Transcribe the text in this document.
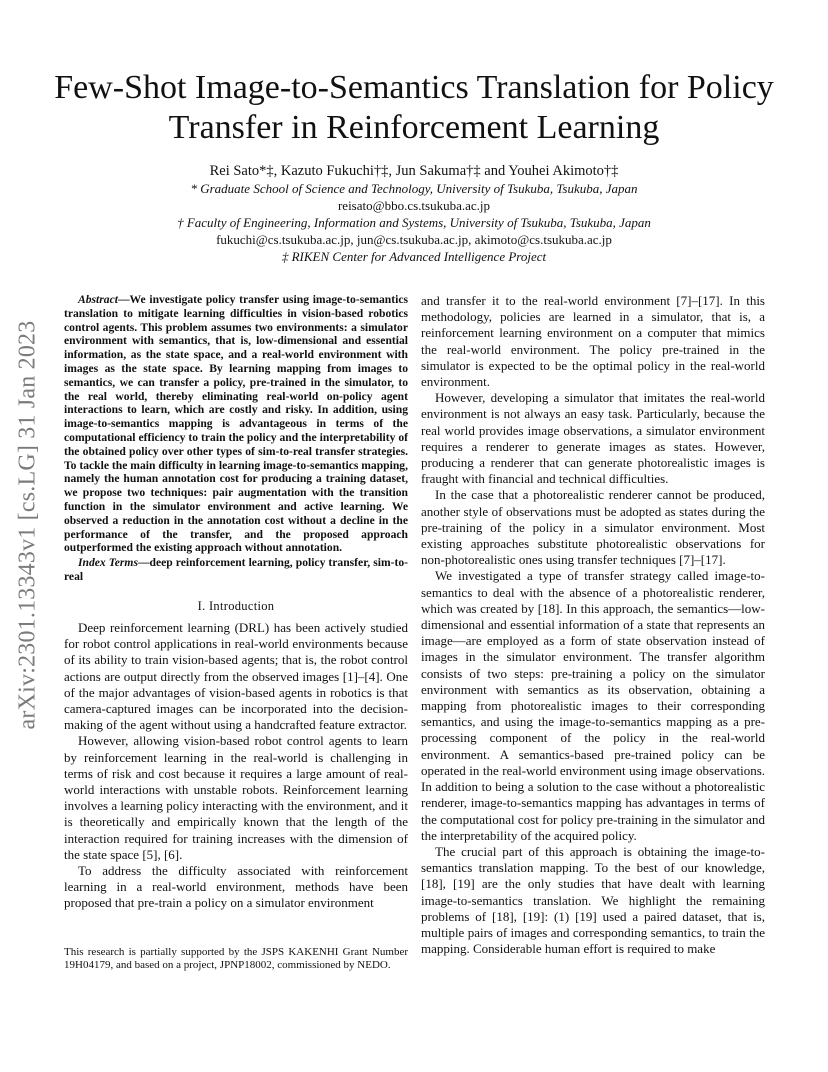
arXiv:2301.13343v1 [cs.LG] 31 Jan 2023
Few-Shot Image-to-Semantics Translation for Policy
Transfer in Reinforcement Learning
Rei Sato*‡, Kazuto Fukuchi†‡, Jun Sakuma†‡ and Youhei Akimoto†‡
* Graduate School of Science and Technology, University of Tsukuba, Tsukuba, Japan
reisato@bbo.cs.tsukuba.ac.jp
† Faculty of Engineering, Information and Systems, University of Tsukuba, Tsukuba, Japan
fukuchi@cs.tsukuba.ac.jp, jun@cs.tsukuba.ac.jp, akimoto@cs.tsukuba.ac.jp
‡ RIKEN Center for Advanced Intelligence Project

Abstract—We investigate policy transfer using image-to-semantics translation to mitigate learning difficulties in vision-based robotics control agents. This problem assumes two environments: a simulator environment with semantics, that is, low-dimensional and essential information, as the state space, and a real-world environment with images as the state space. By learning mapping from images to semantics, we can transfer a policy, pre-trained in the simulator, to the real world, thereby eliminating real-world on-policy agent interactions to learn, which are costly and risky. In addition, using image-to-semantics mapping is advantageous in terms of the computational efficiency to train the policy and the interpretability of the obtained policy over other types of sim-to-real transfer strategies. To tackle the main difficulty in learning image-to-semantics mapping, namely the human annotation cost for producing a training dataset, we propose two techniques: pair augmentation with the transition function in the simulator environment and active learning. We observed a reduction in the annotation cost without a decline in the performance of the transfer, and the proposed approach outperformed the existing approach without annotation.

Index Terms—deep reinforcement learning, policy transfer, sim-to-real

I. Introduction

Deep reinforcement learning (DRL) has been actively studied for robot control applications in real-world environments because of its ability to train vision-based agents; that is, the robot control actions are output directly from the observed images [1]–[4]. One of the major advantages of vision-based agents in robotics is that camera-captured images can be incorporated into the decision-making of the agent without using a handcrafted feature extractor.

However, allowing vision-based robot control agents to learn by reinforcement learning in the real-world is challenging in terms of risk and cost because it requires a large amount of real-world interactions with unstable robots. Reinforcement learning involves a learning policy interacting with the environment, and it is theoretically and empirically known that the length of the interaction required for training increases with the dimension of the state space [5], [6].

To address the difficulty associated with reinforcement learning in a real-world environment, methods have been proposed that pre-train a policy on a simulator environment

This research is partially supported by the JSPS KAKENHI Grant Number 19H04179, and based on a project, JPNP18002, commissioned by NEDO.

and transfer it to the real-world environment [7]–[17]. In this methodology, policies are learned in a simulator, that is, a reinforcement learning environment on a computer that mimics the real-world environment. The policy pre-trained in the simulator is expected to be the optimal policy in the real-world environment.

However, developing a simulator that imitates the real-world environment is not always an easy task. Particularly, because the real world provides image observations, a simulator environment requires a renderer to generate images as states. However, producing a renderer that can generate photorealistic images is fraught with financial and technical difficulties.

In the case that a photorealistic renderer cannot be produced, another style of observations must be adopted as states during the pre-training of the policy in a simulator environment. Most existing approaches substitute photorealistic observations for non-photorealistic ones using transfer techniques [7]–[17].

We investigated a type of transfer strategy called image-to-semantics to deal with the absence of a photorealistic renderer, which was created by [18]. In this approach, the semantics—low-dimensional and essential information of a state that represents an image—are employed as a form of state observation instead of images in the simulator environment. The transfer algorithm consists of two steps: pre-training a policy on the simulator environment with semantics as its observation, obtaining a mapping from photorealistic images to their corresponding semantics, and using the image-to-semantics mapping as a pre-processing component of the policy in the real-world environment. A semantics-based pre-trained policy can be operated in the real-world environment using image observations. In addition to being a solution to the case without a photorealistic renderer, image-to-semantics mapping has advantages in terms of the computational cost for policy pre-training in the simulator and the interpretability of the acquired policy.

The crucial part of this approach is obtaining the image-to-semantics translation mapping. To the best of our knowledge, [18], [19] are the only studies that have dealt with learning image-to-semantics translation. We highlight the remaining problems of [18], [19]: (1) [19] used a paired dataset, that is, multiple pairs of images and corresponding semantics, to train the mapping. Considerable human effort is required to make
